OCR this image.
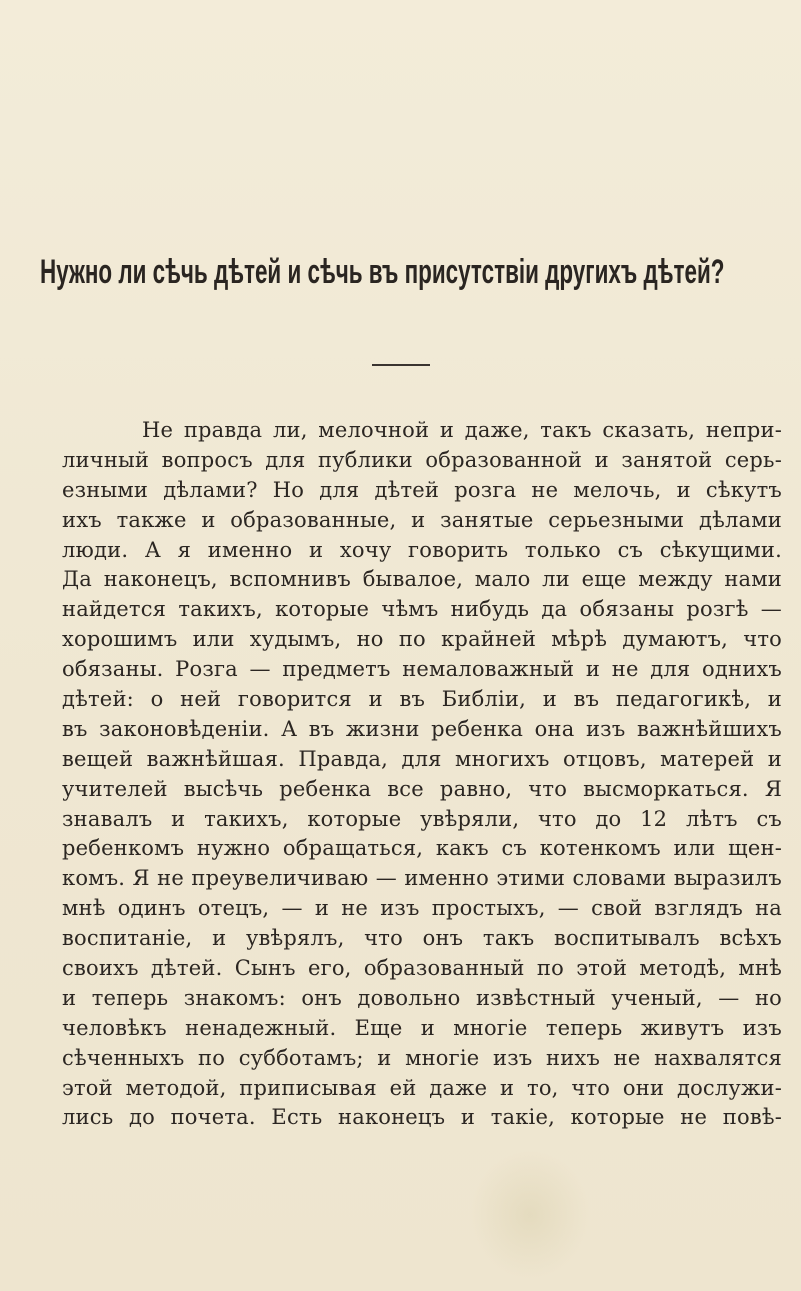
Нужно ли сѣчь дѣтей и сѣчь въ присутствіи другихъ дѣтей?
Не правда ли, мелочной и даже, такъ сказать, непри-
личный вопросъ для публики образованной и занятой серь-
езными дѣлами? Но для дѣтей розга не мелочь, и сѣкутъ
ихъ также и образованные, и занятые серьезными дѣлами
люди. А я именно и хочу говорить только съ сѣкущими.
Да наконецъ, вспомнивъ бывалое, мало ли еще между нами
найдется такихъ, которые чѣмъ нибудь да обязаны розгѣ —
хорошимъ или худымъ, но по крайней мѣрѣ думаютъ, что
обязаны. Розга — предметъ немаловажный и не для однихъ
дѣтей: о ней говорится и въ Библіи, и въ педагогикѣ, и
въ законовѣденіи. А въ жизни ребенка она изъ важнѣйшихъ
вещей важнѣйшая. Правда, для многихъ отцовъ, матерей и
учителей высѣчь ребенка все равно, что высморкаться. Я
знавалъ и такихъ, которые увѣряли, что до 12 лѣтъ съ
ребенкомъ нужно обращаться, какъ съ котенкомъ или щен-
комъ. Я не преувеличиваю — именно этими словами выразилъ
мнѣ одинъ отецъ, — и не изъ простыхъ, — свой взглядъ на
воспитаніе, и увѣрялъ, что онъ такъ воспитывалъ всѣхъ
своихъ дѣтей. Сынъ его, образованный по этой методѣ, мнѣ
и теперь знакомъ: онъ довольно извѣстный ученый, — но
человѣкъ ненадежный. Еще и многіе теперь живутъ изъ
сѣченныхъ по субботамъ; и многіе изъ нихъ не нахвалятся
этой методой, приписывая ей даже и то, что они дослужи-
лись до почета. Есть наконецъ и такіе, которые не повѣ-
